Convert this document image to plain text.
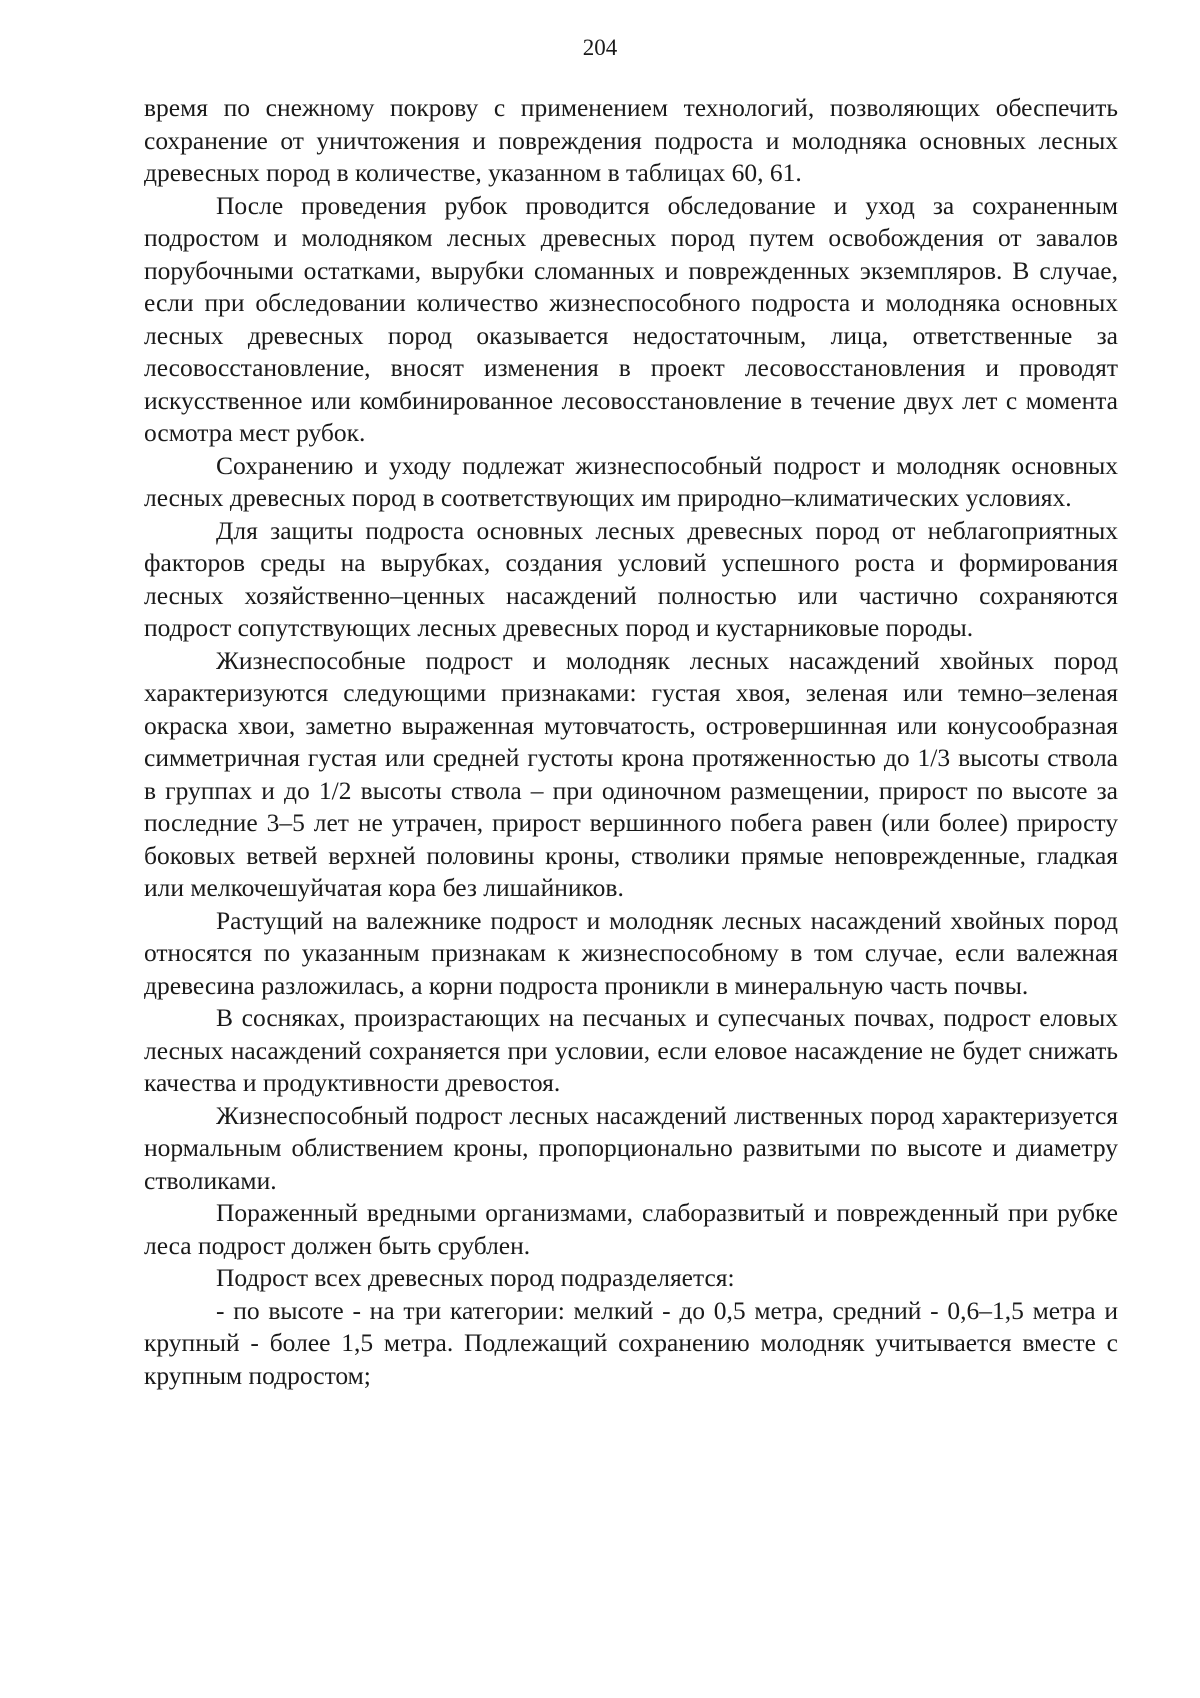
204

время по снежному покрову с применением технологий, позволяющих обеспечить сохранение от уничтожения и повреждения подроста и молодняка основных лесных древесных пород в количестве, указанном в таблицах 60, 61.

После проведения рубок проводится обследование и уход за сохраненным подростом и молодняком лесных древесных пород путем освобождения от завалов порубочными остатками, вырубки сломанных и поврежденных экземпляров. В случае, если при обследовании количество жизнеспособного подроста и молодняка основных лесных древесных пород оказывается недостаточным, лица, ответственные за лесовосстановление, вносят изменения в проект лесовосстановления и проводят искусственное или комбинированное лесовосстановление в течение двух лет с момента осмотра мест рубок.

Сохранению и уходу подлежат жизнеспособный подрост и молодняк основных лесных древесных пород в соответствующих им природно–климатических условиях.

Для защиты подроста основных лесных древесных пород от неблагоприятных факторов среды на вырубках, создания условий успешного роста и формирования лесных хозяйственно–ценных насаждений полностью или частично сохраняются подрост сопутствующих лесных древесных пород и кустарниковые породы.

Жизнеспособные подрост и молодняк лесных насаждений хвойных пород характеризуются следующими признаками: густая хвоя, зеленая или темно–зеленая окраска хвои, заметно выраженная мутовчатость, островершинная или конусообразная симметричная густая или средней густоты крона протяженностью до 1/3 высоты ствола в группах и до 1/2 высоты ствола – при одиночном размещении, прирост по высоте за последние 3–5 лет не утрачен, прирост вершинного побега равен (или более) приросту боковых ветвей верхней половины кроны, стволики прямые неповрежденные, гладкая или мелкочешуйчатая кора без лишайников.

Растущий на валежнике подрост и молодняк лесных насаждений хвойных пород относятся по указанным признакам к жизнеспособному в том случае, если валежная древесина разложилась, а корни подроста проникли в минеральную часть почвы.

В сосняках, произрастающих на песчаных и супесчаных почвах, подрост еловых лесных насаждений сохраняется при условии, если еловое насаждение не будет снижать качества и продуктивности древостоя.

Жизнеспособный подрост лесных насаждений лиственных пород характеризуется нормальным облиствением кроны, пропорционально развитыми по высоте и диаметру стволиками.

Пораженный вредными организмами, слаборазвитый и поврежденный при рубке леса подрост должен быть срублен.

Подрост всех древесных пород подразделяется:

- по высоте - на три категории: мелкий - до 0,5 метра, средний - 0,6–1,5 метра и крупный - более 1,5 метра. Подлежащий сохранению молодняк учитывается вместе с крупным подростом;
